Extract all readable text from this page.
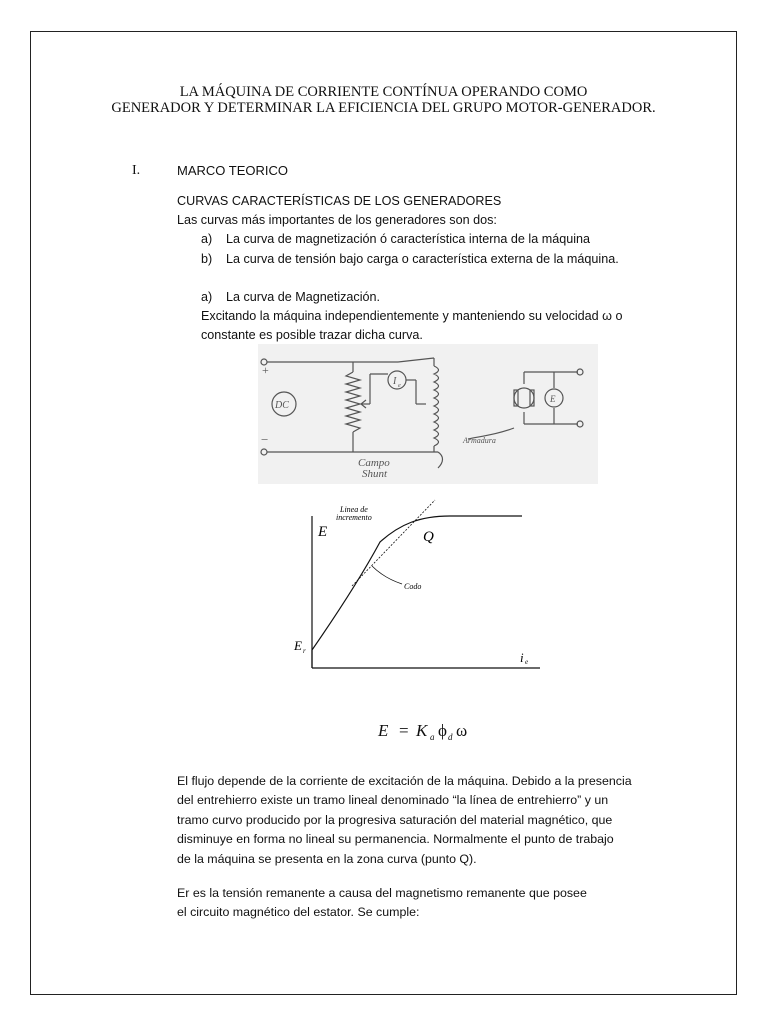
LA MÁQUINA DE CORRIENTE CONTÍNUA OPERANDO COMO
GENERADOR Y DETERMINAR LA EFICIENCIA DEL GRUPO MOTOR-GENERADOR.
I.	MARCO TEORICO
CURVAS CARACTERÍSTICAS DE LOS GENERADORES
Las curvas más importantes de los generadores son dos:
a) La curva de magnetización ó característica interna de la máquina
b) La curva de tensión bajo carga o característica externa de la máquina.
a) La curva de Magnetización.
Excitando la máquina independientemente y manteniendo su velocidad ω o
constante es posible trazar dicha curva.
+
−
DC
I e
Campo
Shunt
Armadura
E
E	Q
Linea de
incremento
Codo
E r	i e
E = K a ϕ d ω
El flujo depende de la corriente de excitación de la máquina. Debido a la presencia
del entrehierro existe un tramo lineal denominado “la línea de entrehierro” y un
tramo curvo producido por la progresiva saturación del material magnético, que
disminuye en forma no lineal su permanencia. Normalmente el punto de trabajo
de la máquina se presenta en la zona curva (punto Q).
Er es la tensión remanente a causa del magnetismo remanente que posee
el circuito magnético del estator. Se cumple:
